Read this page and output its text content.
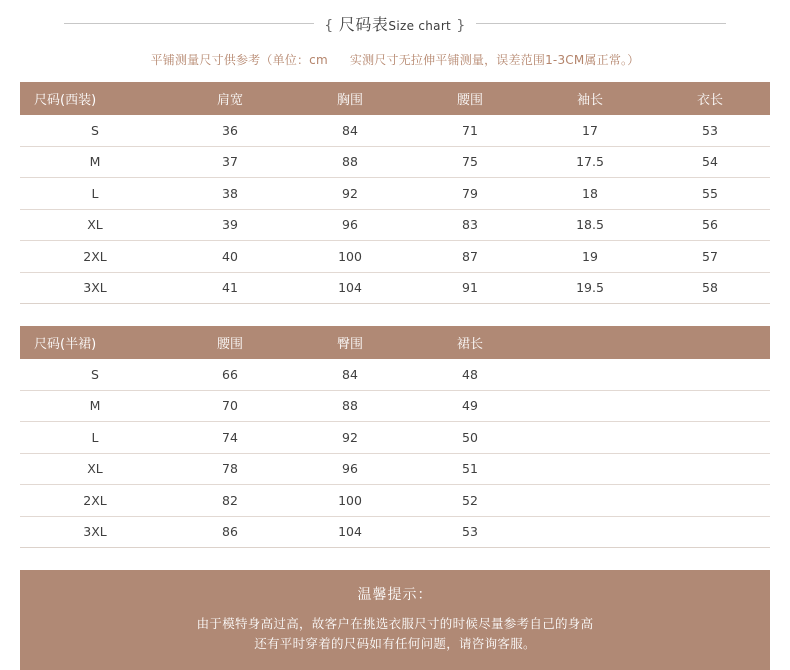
{ 尺码表Size chart }
平铺测量尺寸供参考（单位：cm 实测尺寸无拉伸平铺测量，误差范围1-3CM属正常。）
尺码(西装)	肩宽	胸围	腰围	袖长	衣长
S	36	84	71	17	53
M	37	88	75	17.5	54
L	38	92	79	18	55
XL	39	96	83	18.5	56
2XL	40	100	87	19	57
3XL	41	104	91	19.5	58
尺码(半裙)	腰围	臀围	裙长	
S	66	84	48	
M	70	88	49	
L	74	92	50	
XL	78	96	51	
2XL	82	100	52	
3XL	86	104	53	
温馨提示：
由于模特身高过高，故客户在挑选衣服尺寸的时候尽量参考自己的身高
还有平时穿着的尺码如有任何问题，请咨询客服。
